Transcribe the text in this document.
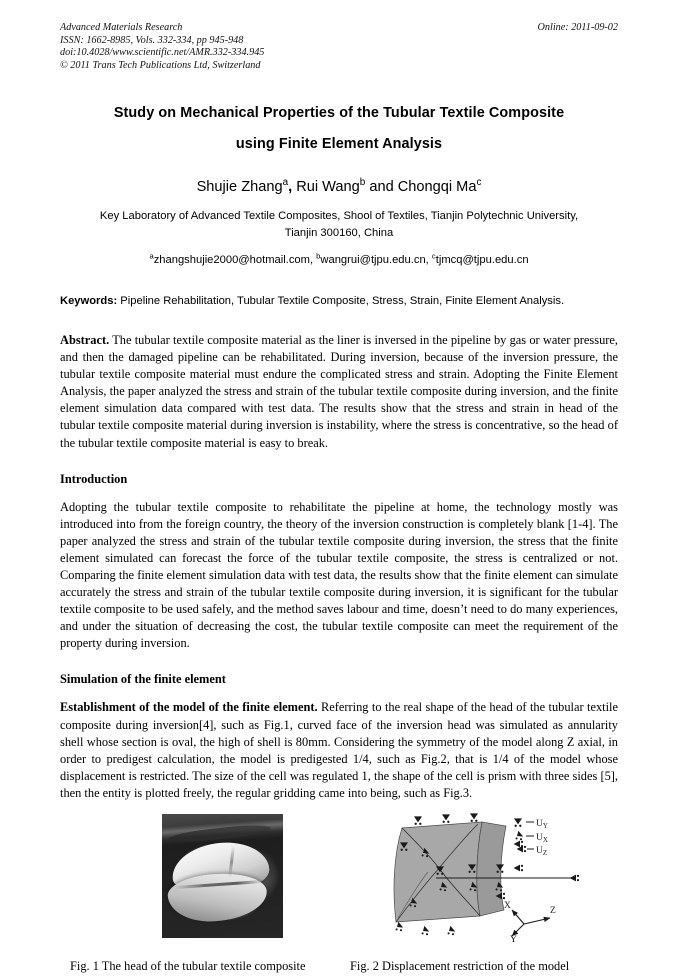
Advanced Materials Research
ISSN: 1662-8985, Vols. 332-334, pp 945-948
doi:10.4028/www.scientific.net/AMR.332-334.945
© 2011 Trans Tech Publications Ltd, Switzerland
Online: 2011-09-02
Study on Mechanical Properties of the Tubular Textile Composite
using Finite Element Analysis
Shujie Zhang$^a$, Rui Wang$^b$ and Chongqi Ma$^c$
Key Laboratory of Advanced Textile Composites, Shool of Textiles, Tianjin Polytechnic University,
Tianjin 300160, China
$^a$zhangshujie2000@hotmail.com, $^b$wangrui@tjpu.edu.cn, $^c$tjmcq@tjpu.edu.cn
Keywords: Pipeline Rehabilitation, Tubular Textile Composite, Stress, Strain, Finite Element Analysis.
Abstract. The tubular textile composite material as the liner is inversed in the pipeline by gas or water pressure, and then the damaged pipeline can be rehabilitated. During inversion, because of the inversion pressure, the tubular textile composite material must endure the complicated stress and strain. Adopting the Finite Element Analysis, the paper analyzed the stress and strain of the tubular textile composite during inversion, and the finite element simulation data compared with test data. The results show that the stress and strain in head of the tubular textile composite material during inversion is instability, where the stress is concentrative, so the head of the tubular textile composite material is easy to break.
Introduction
Adopting the tubular textile composite to rehabilitate the pipeline at home, the technology mostly was introduced into from the foreign country, the theory of the inversion construction is completely blank [1-4]. The paper analyzed the stress and strain of the tubular textile composite during inversion, the stress that the finite element simulated can forecast the force of the tubular textile composite, the stress is centralized or not. Comparing the finite element simulation data with test data, the results show that the finite element can simulate accurately the stress and strain of the tubular textile composite during inversion, it is significant for the tubular textile composite to be used safely, and the method saves labour and time, doesn’t need to do many experiences, and under the situation of decreasing the cost, the tubular textile composite can meet the requirement of the property during inversion.
Simulation of the finite element
Establishment of the model of the finite element. Referring to the real shape of the head of the tubular textile composite during inversion[4], such as Fig.1, curved face of the inversion head was simulated as annularity shell whose section is oval, the high of shell is 80mm. Considering the symmetry of the model along Z axial, in order to predigest calculation, the model is predigested 1/4, such as Fig.2, that is 1/4 of the model whose displacement is restricted. The size of the cell was regulated 1, the shape of the cell is prism with three sides [5], then the entity is plotted freely, the regular gridding came into being, such as Fig.3.
$U_Y$
$U_X$
$U_Z$
X	Z
Y
Fig. 1 The head of the tubular textile composite	Fig. 2 Displacement restriction of the model
